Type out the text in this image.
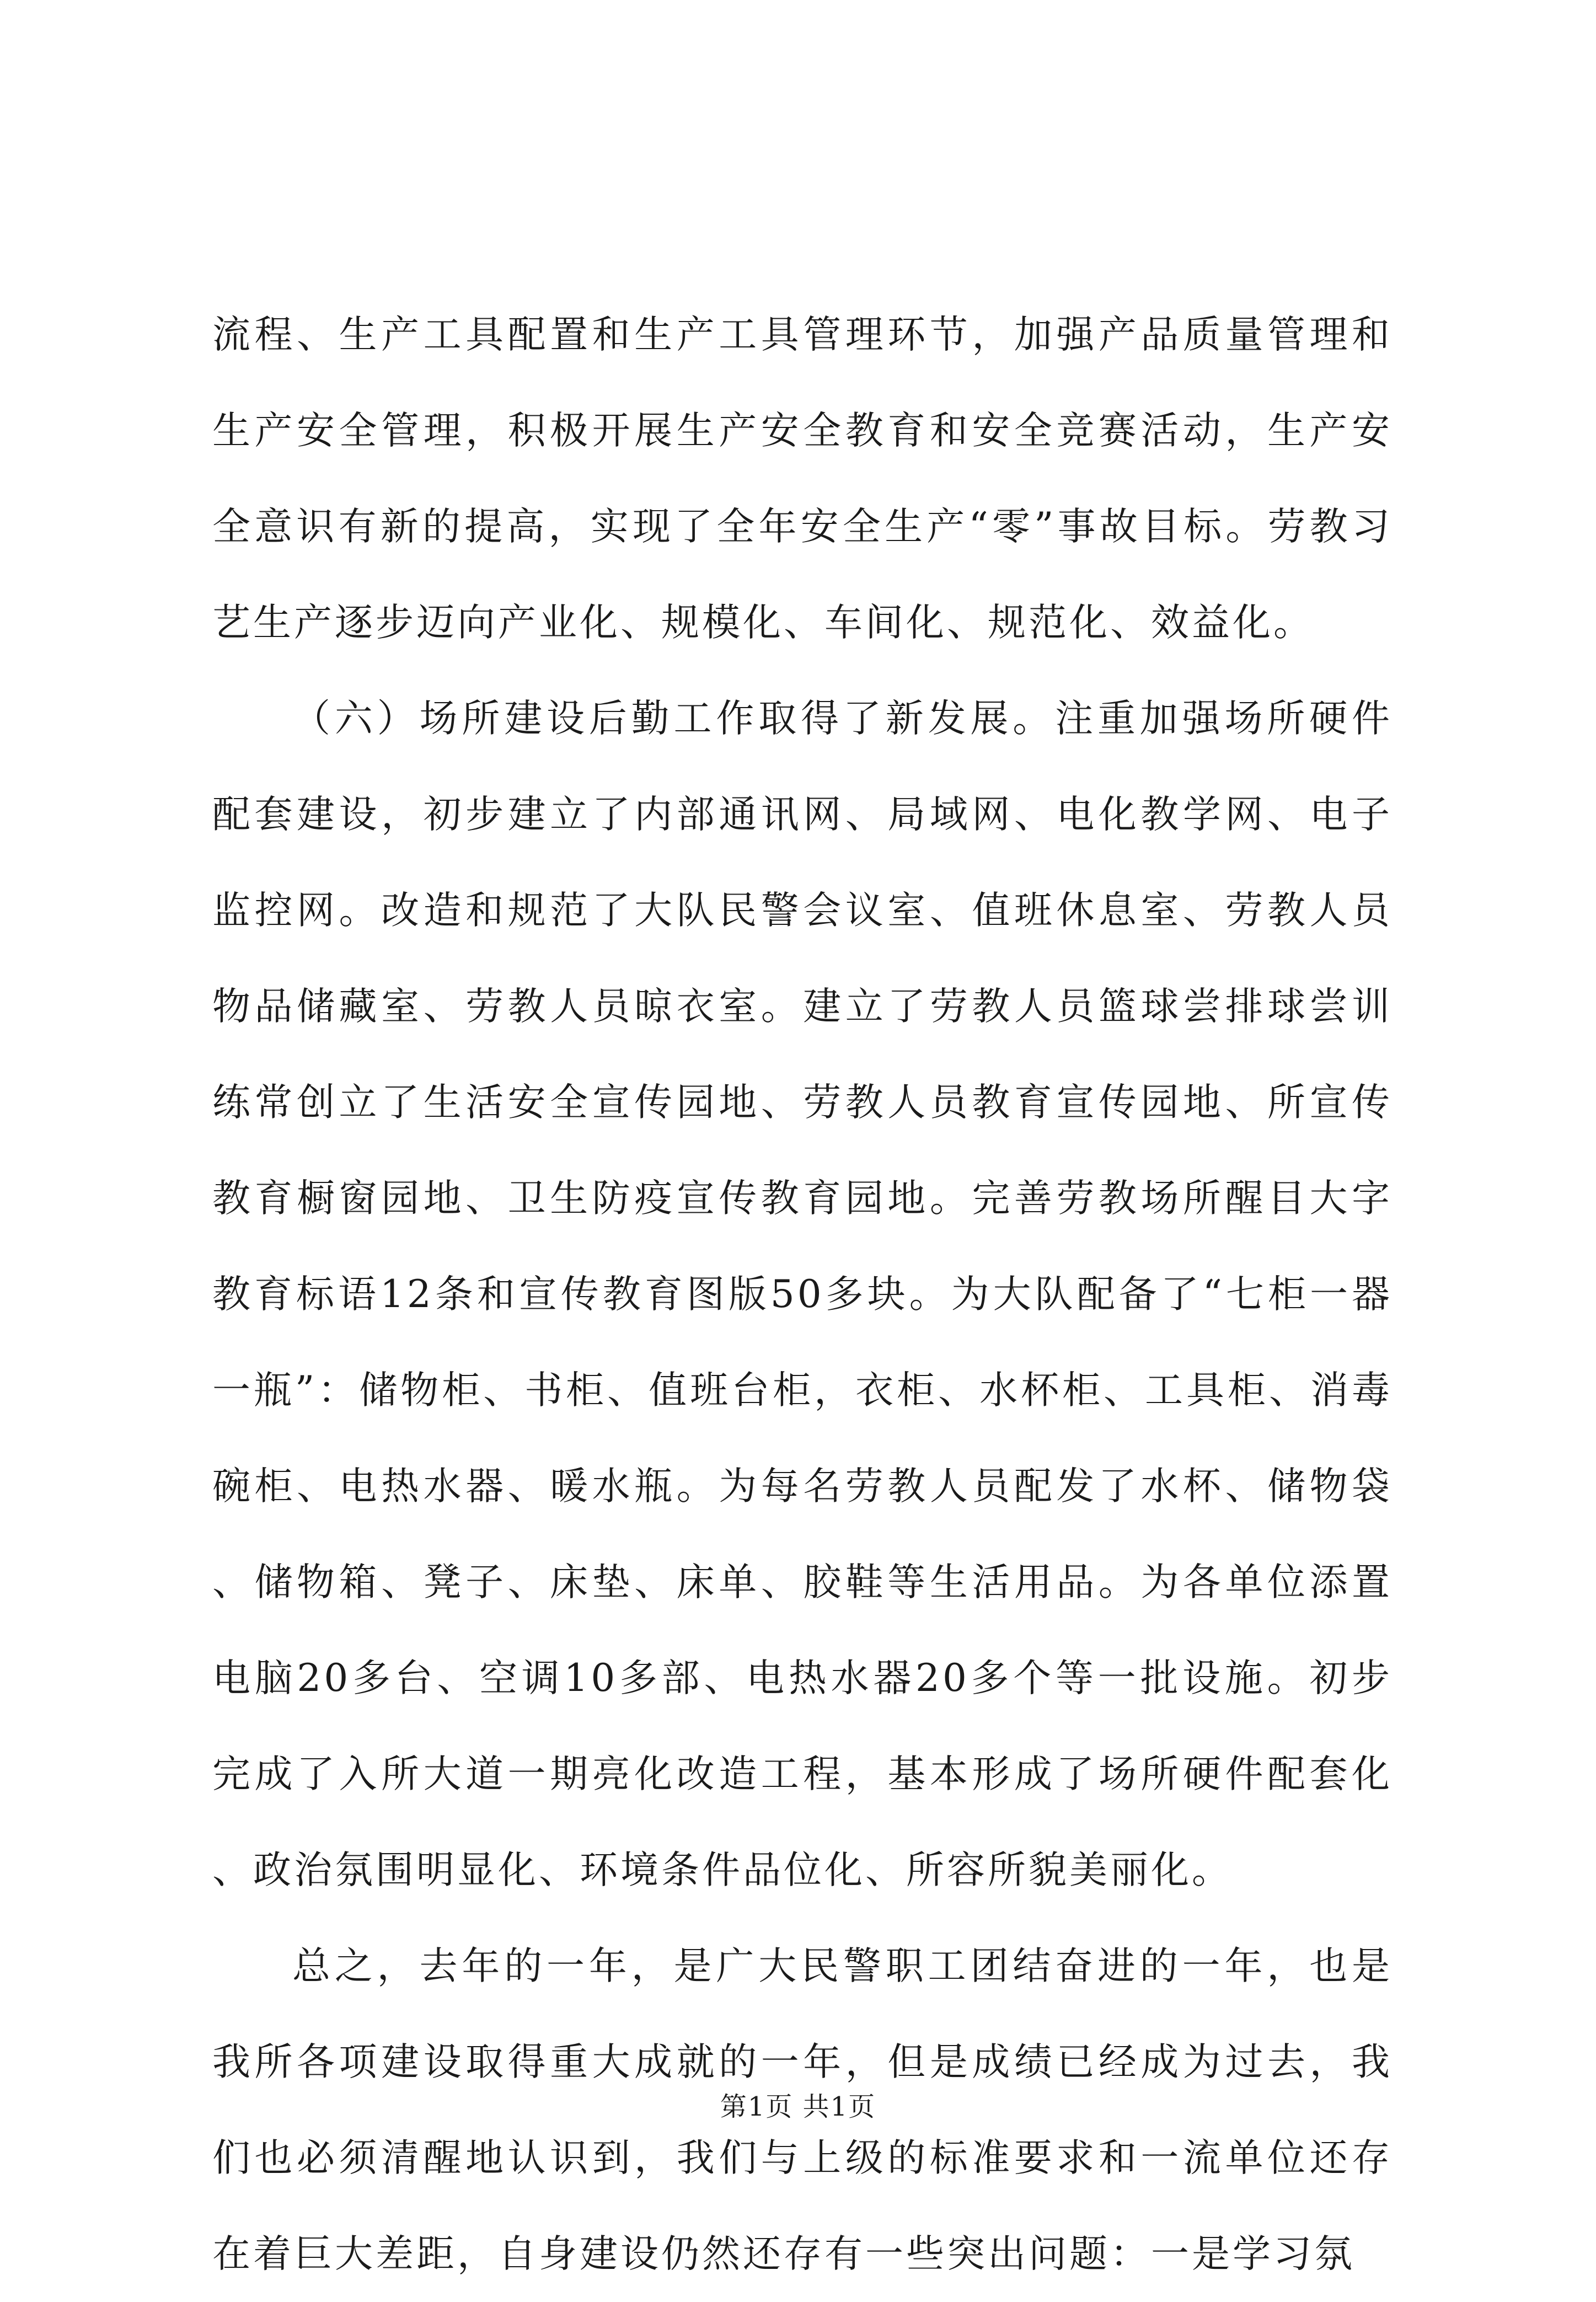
流程、生产工具配置和生产工具管理环节，加强产品质量管理和生产安全管理，积极开展生产安全教育和安全竞赛活动，生产安全意识有新的提高，实现了全年安全生产“零”事故目标。劳教习艺生产逐步迈向产业化、规模化、车间化、规范化、效益化。

（六）场所建设后勤工作取得了新发展。注重加强场所硬件配套建设，初步建立了内部通讯网、局域网、电化教学网、电子监控网。改造和规范了大队民警会议室、值班休息室、劳教人员物品储藏室、劳教人员晾衣室。建立了劳教人员篮球尝排球尝训练常创立了生活安全宣传园地、劳教人员教育宣传园地、所宣传教育橱窗园地、卫生防疫宣传教育园地。完善劳教场所醒目大字教育标语12条和宣传教育图版50多块。为大队配备了“七柜一器一瓶”：储物柜、书柜、值班台柜，衣柜、水杯柜、工具柜、消毒碗柜、电热水器、暖水瓶。为每名劳教人员配发了水杯、储物袋、储物箱、凳子、床垫、床单、胶鞋等生活用品。为各单位添置电脑20多台、空调10多部、电热水器20多个等一批设施。初步完成了入所大道一期亮化改造工程，基本形成了场所硬件配套化、政治氛围明显化、环境条件品位化、所容所貌美丽化。

总之，去年的一年，是广大民警职工团结奋进的一年，也是我所各项建设取得重大成就的一年，但是成绩已经成为过去，我们也必须清醒地认识到，我们与上级的标准要求和一流单位还存在着巨大差距，自身建设仍然还存有一些突出问题：一是学习氛

第1页 共1页
